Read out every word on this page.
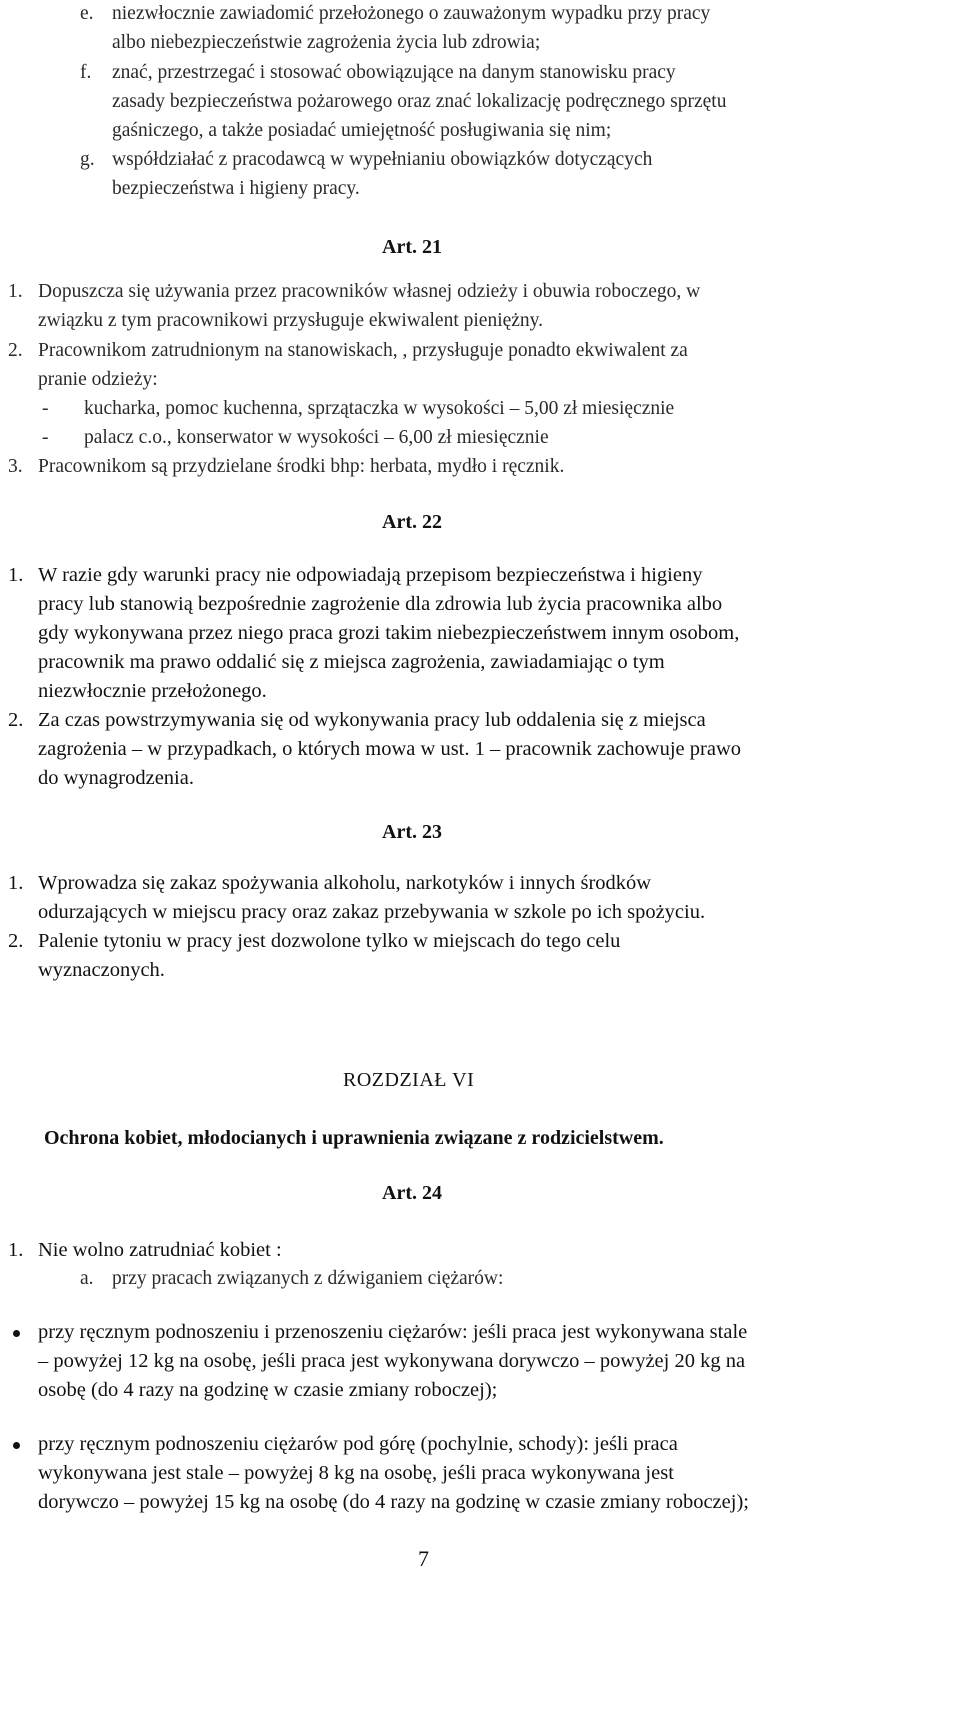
e. niezwłocznie zawiadomić przełożonego o zauważonym wypadku przy pracy
albo niebezpieczeństwie zagrożenia życia lub zdrowia;
f. znać, przestrzegać i stosować obowiązujące na danym stanowisku pracy
zasady bezpieczeństwa pożarowego oraz znać lokalizację podręcznego sprzętu
gaśniczego, a także posiadać umiejętność posługiwania się nim;
g. współdziałać z pracodawcą w wypełnianiu obowiązków dotyczących
bezpieczeństwa i higieny pracy.
Art. 21
1. Dopuszcza się używania przez pracowników własnej odzieży i obuwia roboczego, w
związku z tym pracownikowi przysługuje ekwiwalent pieniężny.
2. Pracownikom zatrudnionym na stanowiskach, , przysługuje ponadto ekwiwalent za
pranie odzieży:
- kucharka, pomoc kuchenna, sprzątaczka w wysokości – 5,00 zł miesięcznie
- palacz c.o., konserwator w wysokości – 6,00 zł miesięcznie
3. Pracownikom są przydzielane środki bhp: herbata, mydło i ręcznik.
Art. 22
1. W razie gdy warunki pracy nie odpowiadają przepisom bezpieczeństwa i higieny
pracy lub stanowią bezpośrednie zagrożenie dla zdrowia lub życia pracownika albo
gdy wykonywana przez niego praca grozi takim niebezpieczeństwem innym osobom,
pracownik ma prawo oddalić się z miejsca zagrożenia, zawiadamiając o tym
niezwłocznie przełożonego.
2. Za czas powstrzymywania się od wykonywania pracy lub oddalenia się z miejsca
zagrożenia – w przypadkach, o których mowa w ust. 1 – pracownik zachowuje prawo
do wynagrodzenia.
Art. 23
1. Wprowadza się zakaz spożywania alkoholu, narkotyków i innych środków
odurzających w miejscu pracy oraz zakaz przebywania w szkole po ich spożyciu.
2. Palenie tytoniu w pracy jest dozwolone tylko w miejscach do tego celu
wyznaczonych.
ROZDZIAŁ VI
Ochrona kobiet, młodocianych i uprawnienia związane z rodzicielstwem.
Art. 24
1. Nie wolno zatrudniać kobiet :
a. przy pracach związanych z dźwiganiem ciężarów:
przy ręcznym podnoszeniu i przenoszeniu ciężarów: jeśli praca jest wykonywana stale
– powyżej 12 kg na osobę, jeśli praca jest wykonywana dorywczo – powyżej 20 kg na
osobę (do 4 razy na godzinę w czasie zmiany roboczej);
przy ręcznym podnoszeniu ciężarów pod górę (pochylnie, schody): jeśli praca
wykonywana jest stale – powyżej 8 kg na osobę, jeśli praca wykonywana jest
dorywczo – powyżej 15 kg na osobę (do 4 razy na godzinę w czasie zmiany roboczej);
7
